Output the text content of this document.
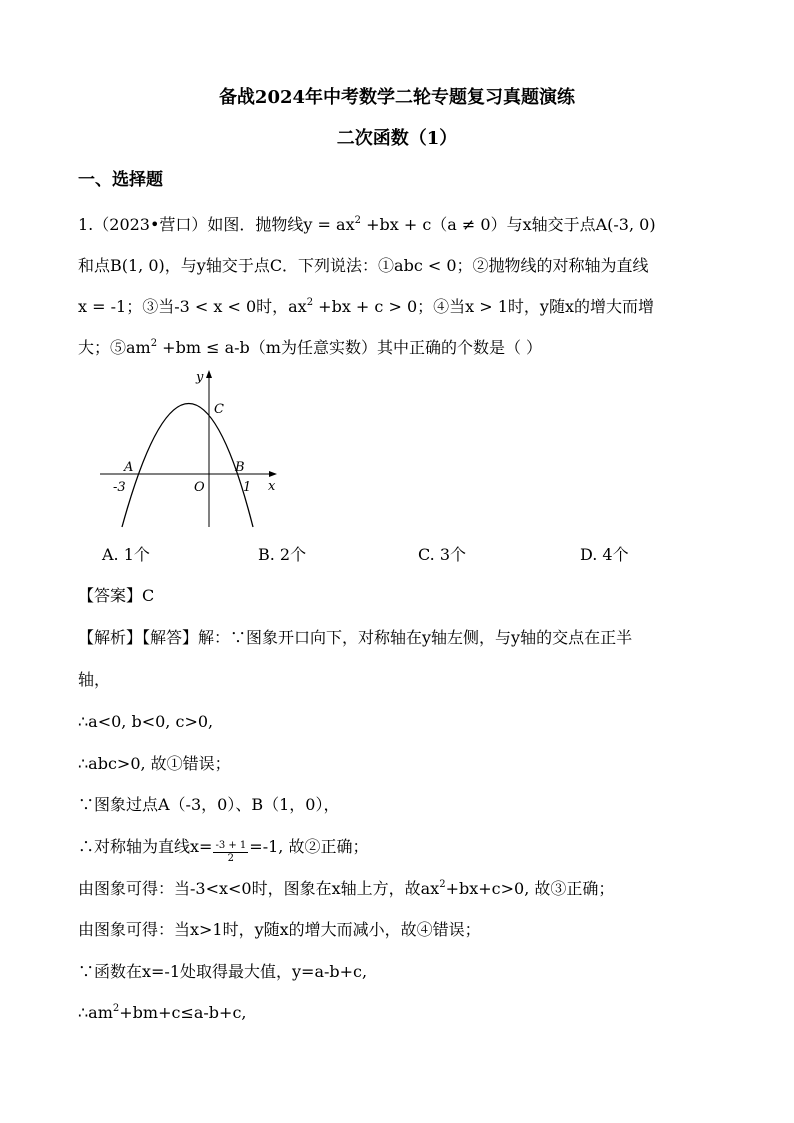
备战2024年中考数学二轮专题复习真题演练
二次函数（1）
一、选择题
1.（2023•营口）如图．抛物线$y = ax^2 +bx + c(a \ne 0)$与x轴交于点A(-3, 0)
和点B(1, 0)，与y轴交于点C．下列说法：①abc < 0；②抛物线的对称轴为直线
x = -1；③当-3 < x < 0时，$ax^2 +bx + c > 0$；④当x > 1时，y随x的增大而增
大；$⑤am^2 +bm \le a-b(m$为任意实数）其中正确的个数是（ ）
y
x
A	B
C
O
-3	1
A. 1个	B. 2个	C. 3个	D. 4个
【答案】C
【解析】【解答】解：∵图象开口向下，对称轴在y轴左侧，与y轴的交点在正半
轴，
∴a<0, b<0, c>0,
∴abc>0, 故①错误；
∵图象过点A（-3，0）、B（1，0），
∴对称轴为直线$x= \frac{-3 + 1}{2} =-1$, 故②正确；
由图象可得：当-3<x<0时，图象在x轴上方，故$ax^2+bx+c>0$, 故③正确；
由图象可得：当x>1时，y随x的增大而减小，故④错误；
∵函数在x=-1处取得最大值，y=a-b+c,
$\therefore am^2+bm+c\le a-b+c$,
